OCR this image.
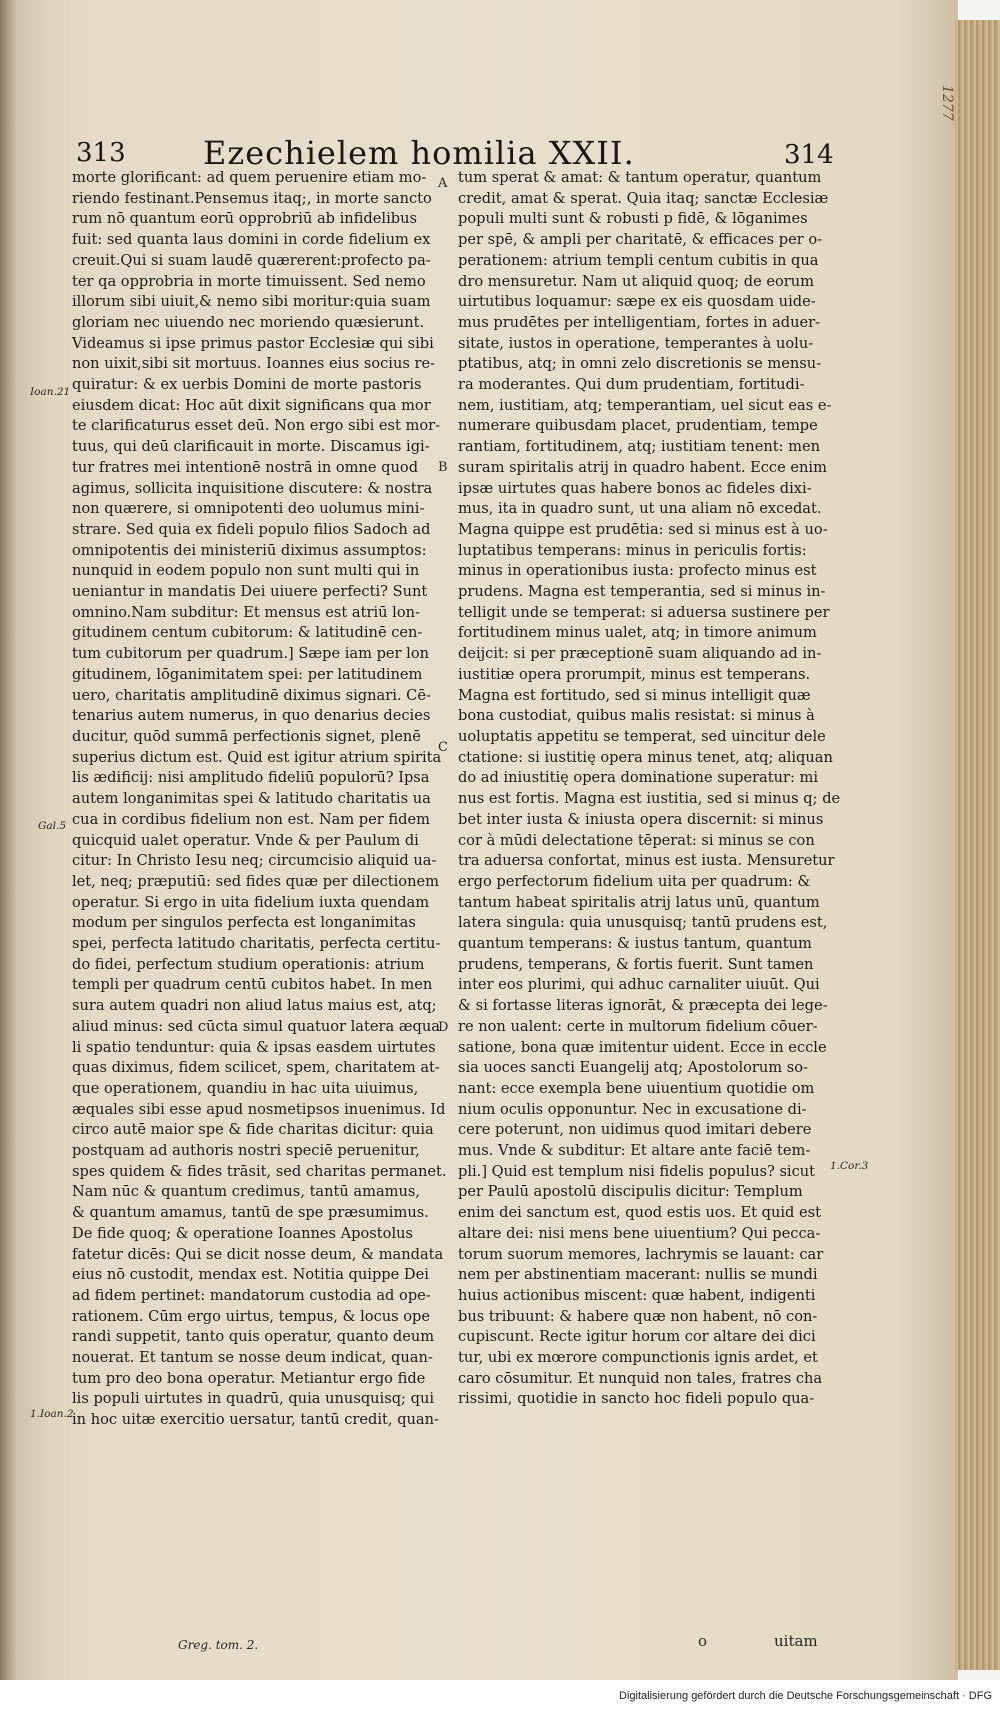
313 Ezechielem homilia XXII.	314
A
B
C
D
Ioan.21
Gal.5
1.Ioan.2
1.Cor.3

morte glorificant: ad quem peruenire etiam mo-

riendo festinant.Pensemus itaq;, in morte sancto

rum nō quantum eorū opprobriū ab infidelibus

fuit: sed quanta laus domini in corde fidelium ex

creuit.Qui si suam laudē quærerent:profecto pa-

ter qa opprobria in morte timuissent. Sed nemo

illorum sibi uiuit,& nemo sibi moritur:quia suam

gloriam nec uiuendo nec moriendo quæsierunt.

Videamus si ipse primus pastor Ecclesiæ qui sibi

non uixit,sibi sit mortuus. Ioannes eius socius re-

quiratur: & ex uerbis Domini de morte pastoris

eiusdem dicat: Hoc aūt dixit significans qua mor

te clarificaturus esset deū. Non ergo sibi est mor-

tuus, qui deū clarificauit in morte. Discamus igi-

tur fratres mei intentionē nostrā in omne quod

agimus, sollicita inquisitione discutere: & nostra

non quærere, si omnipotenti deo uolumus mini-

strare. Sed quia ex fideli populo filios Sadoch ad

omnipotentis dei ministeriū diximus assumptos:

nunquid in eodem populo non sunt multi qui in

ueniantur in mandatis Dei uiuere perfecti? Sunt

omnino.Nam subditur: Et mensus est atriū lon-

gitudinem centum cubitorum: & latitudinē cen-

tum cubitorum per quadrum.] Sæpe iam per lon

gitudinem, lōganimitatem spei: per latitudinem

uero, charitatis amplitudinē diximus signari. Cē-

tenarius autem numerus, in quo denarius decies

ducitur, quōd summā perfectionis signet, plenē

superius dictum est. Quid est igitur atrium spirita

lis ædificij: nisi amplitudo fideliū populorū? Ipsa

autem longanimitas spei & latitudo charitatis ua

cua in cordibus fidelium non est. Nam per fidem

quicquid ualet operatur. Vnde & per Paulum di

citur: In Christo Iesu neq; circumcisio aliquid ua-

let, neq; præputiū: sed fides quæ per dilectionem

operatur. Si ergo in uita fidelium iuxta quendam

modum per singulos perfecta est longanimitas

spei, perfecta latitudo charitatis, perfecta certitu-

do fidei, perfectum studium operationis: atrium

templi per quadrum centū cubitos habet. In men

sura autem quadri non aliud latus maius est, atq;

aliud minus: sed cūcta simul quatuor latera æqua

li spatio tenduntur: quia & ipsas easdem uirtutes

quas diximus, fidem scilicet, spem, charitatem at-

que operationem, quandiu in hac uita uiuimus,

æquales sibi esse apud nosmetipsos inuenimus. Id

circo autē maior spe & fide charitas dicitur: quia

postquam ad authoris nostri speciē peruenitur,

spes quidem & fides trāsit, sed charitas permanet.

Nam nūc & quantum credimus, tantū amamus,

& quantum amamus, tantū de spe præsumimus.

De fide quoq; & operatione Ioannes Apostolus

fatetur dicēs: Qui se dicit nosse deum, & mandata

eius nō custodit, mendax est. Notitia quippe Dei

ad fidem pertinet: mandatorum custodia ad ope-

rationem. Cūm ergo uirtus, tempus, & locus ope

randi suppetit, tanto quis operatur, quanto deum

nouerat. Et tantum se nosse deum indicat, quan-

tum pro deo bona operatur. Metiantur ergo fide

lis populi uirtutes in quadrū, quia unusquisq; qui

in hoc uitæ exercitio uersatur, tantū credit, quan-

tum sperat & amat: & tantum operatur, quantum

credit, amat & sperat. Quia itaq; sanctæ Ecclesiæ

populi multi sunt & robusti p fidē, & lōganimes

per spē, & ampli per charitatē, & efficaces per o-

perationem: atrium templi centum cubitis in qua

dro mensuretur. Nam ut aliquid quoq; de eorum

uirtutibus loquamur: sæpe ex eis quosdam uide-

mus prudētes per intelligentiam, fortes in aduer-

sitate, iustos in operatione, temperantes à uolu-

ptatibus, atq; in omni zelo discretionis se mensu-

ra moderantes. Qui dum prudentiam, fortitudi-

nem, iustitiam, atq; temperantiam, uel sicut eas e-

numerare quibusdam placet, prudentiam, tempe

rantiam, fortitudinem, atq; iustitiam tenent: men

suram spiritalis atrij in quadro habent. Ecce enim

ipsæ uirtutes quas habere bonos ac fideles dixi-

mus, ita in quadro sunt, ut una aliam nō excedat.

Magna quippe est prudētia: sed si minus est à uo-

luptatibus temperans: minus in periculis fortis:

minus in operationibus iusta: profecto minus est

prudens. Magna est temperantia, sed si minus in-

telligit unde se temperat: si aduersa sustinere per

fortitudinem minus ualet, atq; in timore animum

deijcit: si per præceptionē suam aliquando ad in-

iustitiæ opera prorumpit, minus est temperans.

Magna est fortitudo, sed si minus intelligit quæ

bona custodiat, quibus malis resistat: si minus à

uoluptatis appetitu se temperat, sed uincitur dele

ctatione: si iustitię opera minus tenet, atq; aliquan

do ad iniustitię opera dominatione superatur: mi

nus est fortis. Magna est iustitia, sed si minus q; de

bet inter iusta & iniusta opera discernit: si minus

cor à mūdi delectatione tēperat: si minus se con

tra aduersa confortat, minus est iusta. Mensuretur

ergo perfectorum fidelium uita per quadrum: &

tantum habeat spiritalis atrij latus unū, quantum

latera singula: quia unusquisq; tantū prudens est,

quantum temperans: & iustus tantum, quantum

prudens, temperans, & fortis fuerit. Sunt tamen

inter eos plurimi, qui adhuc carnaliter uiuūt. Qui

& si fortasse literas ignorāt, & præcepta dei lege-

re non ualent: certe in multorum fidelium cōuer-

satione, bona quæ imitentur uident. Ecce in eccle

sia uoces sancti Euangelij atq; Apostolorum so-

nant: ecce exempla bene uiuentium quotidie om

nium oculis opponuntur. Nec in excusatione di-

cere poterunt, non uidimus quod imitari debere

mus. Vnde & subditur: Et altare ante faciē tem-

pli.] Quid est templum nisi fidelis populus? sicut

per Paulū apostolū discipulis dicitur: Templum

enim dei sanctum est, quod estis uos. Et quid est

altare dei: nisi mens bene uiuentium? Qui pecca-

torum suorum memores, lachrymis se lauant: car

nem per abstinentiam macerant: nullis se mundi

huius actionibus miscent: quæ habent, indigenti

bus tribuunt: & habere quæ non habent, nō con-

cupiscunt. Recte igitur horum cor altare dei dici

tur, ubi ex mœrore compunctionis ignis ardet, et

caro cōsumitur. Et nunquid non tales, fratres cha

rissimi, quotidie in sancto hoc fideli populo qua-

Greg. tom. 2.	o	uitam
1277
Digitalisierung gefördert durch die Deutsche Forschungsgemeinschaft · DFG
